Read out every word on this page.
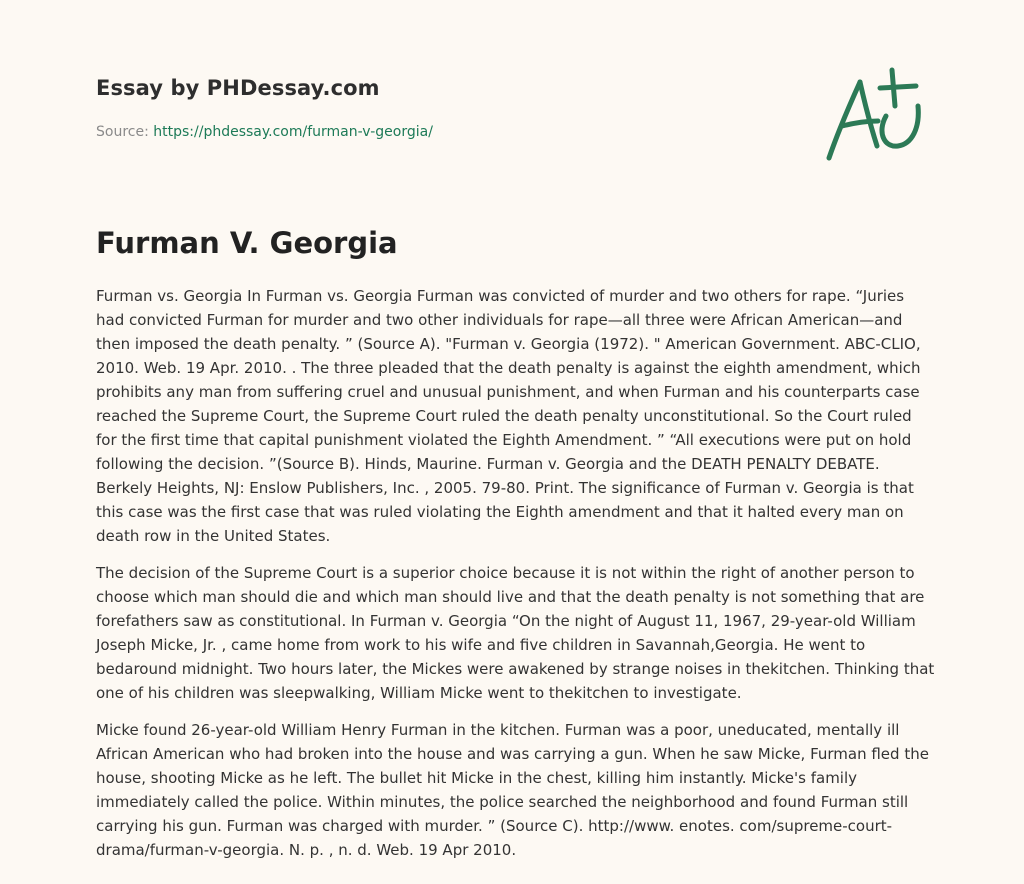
Essay by PHDessay.com
Source: https://phdessay.com/furman-v-georgia/
Furman V. Georgia

Furman vs. Georgia In Furman vs. Georgia Furman was convicted of murder and two others for rape. “Juries had convicted Furman for murder and two other individuals for rape—all three were African American—and then imposed the death penalty. ” (Source A). "Furman v. Georgia (1972). " American Government. ABC-CLIO, 2010. Web. 19 Apr. 2010. . The three pleaded that the death penalty is against the eighth amendment, which prohibits any man from suffering cruel and unusual punishment, and when Furman and his counterparts case reached the Supreme Court, the Supreme Court ruled the death penalty unconstitutional. So the Court ruled for the first time that capital punishment violated the Eighth Amendment. ” “All executions were put on hold following the decision. ”(Source B). Hinds, Maurine. Furman v. Georgia and the DEATH PENALTY DEBATE. Berkely Heights, NJ: Enslow Publishers, Inc. , 2005. 79-80. Print. The significance of Furman v. Georgia is that this case was the first case that was ruled violating the Eighth amendment and that it halted every man on death row in the United States.

The decision of the Supreme Court is a superior choice because it is not within the right of another person to choose which man should die and which man should live and that the death penalty is not something that are forefathers saw as constitutional. In Furman v. Georgia “On the night of August 11, 1967, 29-year-old William Joseph Micke, Jr. , came home from work to his wife and five children in Savannah,Georgia. He went to bedaround midnight. Two hours later, the Mickes were awakened by strange noises in thekitchen. Thinking that one of his children was sleepwalking, William Micke went to thekitchen to investigate.

Micke found 26-year-old William Henry Furman in the kitchen. Furman was a poor, uneducated, mentally ill African American who had broken into the house and was carrying a gun. When he saw Micke, Furman fled the house, shooting Micke as he left. The bullet hit Micke in the chest, killing him instantly. Micke's family immediately called the police. Within minutes, the police searched the neighborhood and found Furman still carrying his gun. Furman was charged with murder. ” (Source C). http://www. enotes. com/supreme-court-drama/furman-v-georgia. N. p. , n. d. Web. 19 Apr 2010.
